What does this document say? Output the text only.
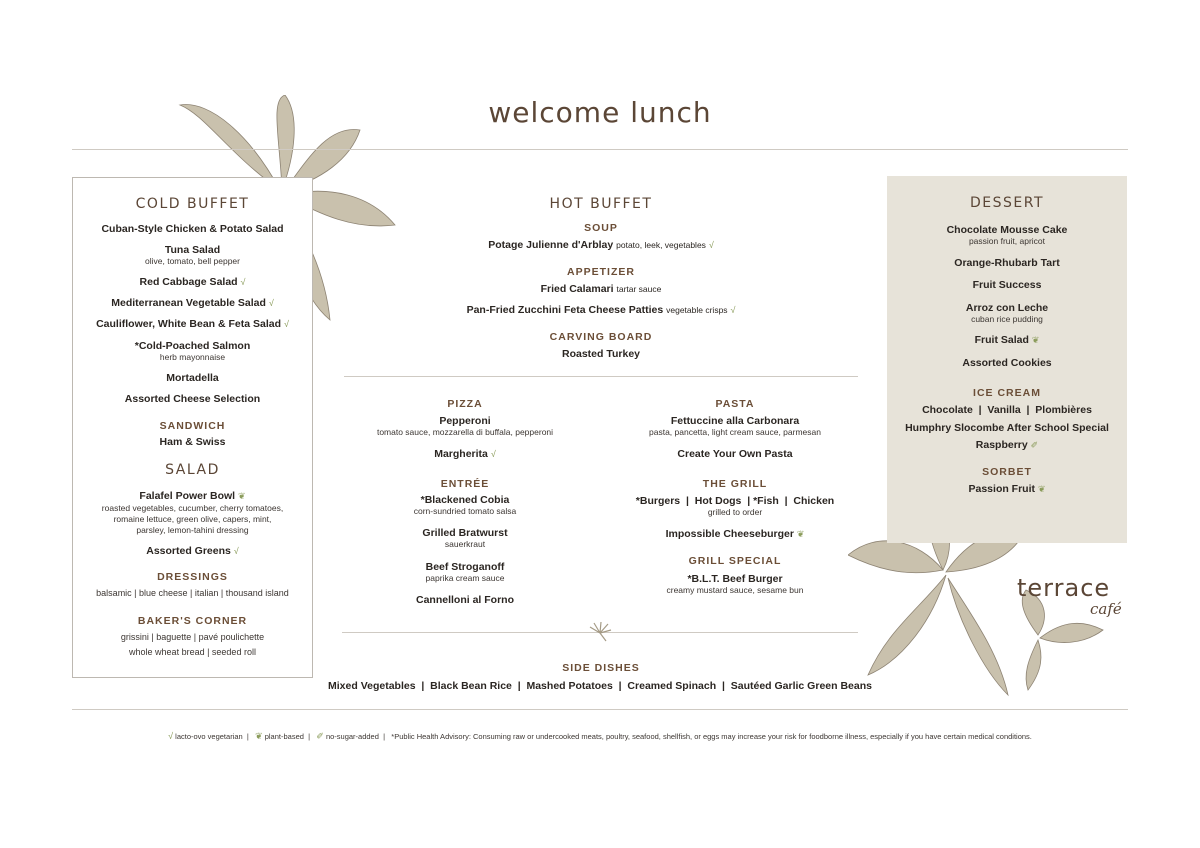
welcome lunch
COLD BUFFET
Cuban-Style Chicken & Potato Salad
Tuna Salad
olive, tomato, bell pepper
Red Cabbage Salad √
Mediterranean Vegetable Salad √
Cauliflower, White Bean & Feta Salad √
*Cold-Poached Salmon
herb mayonnaise
Mortadella
Assorted Cheese Selection
SANDWICH
Ham & Swiss
SALAD
Falafel Power Bowl ❦
roasted vegetables, cucumber, cherry tomatoes,
romaine lettuce, green olive, capers, mint,
parsley, lemon-tahini dressing
Assorted Greens √
DRESSINGS
balsamic | blue cheese | italian | thousand island
BAKER'S CORNER
grissini | baguette | pavé poulichette
whole wheat bread | seeded roll
HOT BUFFET
SOUP
Potage Julienne d'Arblay potato, leek, vegetables √
APPETIZER
Fried Calamari tartar sauce
Pan-Fried Zucchini Feta Cheese Patties vegetable crisps √
CARVING BOARD
Roasted Turkey
PIZZA
Pepperoni
tomato sauce, mozzarella di buffala, pepperoni
Margherita √
ENTRÉE
*Blackened Cobia
corn-sundried tomato salsa
Grilled Bratwurst
sauerkraut
Beef Stroganoff
paprika cream sauce
Cannelloni al Forno
PASTA
Fettuccine alla Carbonara
pasta, pancetta, light cream sauce, parmesan
Create Your Own Pasta
THE GRILL
*Burgers  |  Hot Dogs  | *Fish  |  Chicken
grilled to order
Impossible Cheeseburger ❦
GRILL SPECIAL
*B.L.T. Beef Burger
creamy mustard sauce, sesame bun
SIDE DISHES
Mixed Vegetables  |  Black Bean Rice  |  Mashed Potatoes  |  Creamed Spinach  |  Sautéed Garlic Green Beans
DESSERT
Chocolate Mousse Cake
passion fruit, apricot
Orange-Rhubarb Tart
Fruit Success
Arroz con Leche
cuban rice pudding
Fruit Salad ❦
Assorted Cookies
ICE CREAM
Chocolate  |  Vanilla  |  Plombières
Humphry Slocombe After School Special
Raspberry ✐
SORBET
Passion Fruit ❦
terrace
café
√ lacto-ovo vegetarian  |   ❦ plant-based  |   ✐ no-sugar-added  |   *Public Health Advisory: Consuming raw or undercooked meats, poultry, seafood, shellfish, or eggs may increase your risk for foodborne illness, especially if you have certain medical conditions.
